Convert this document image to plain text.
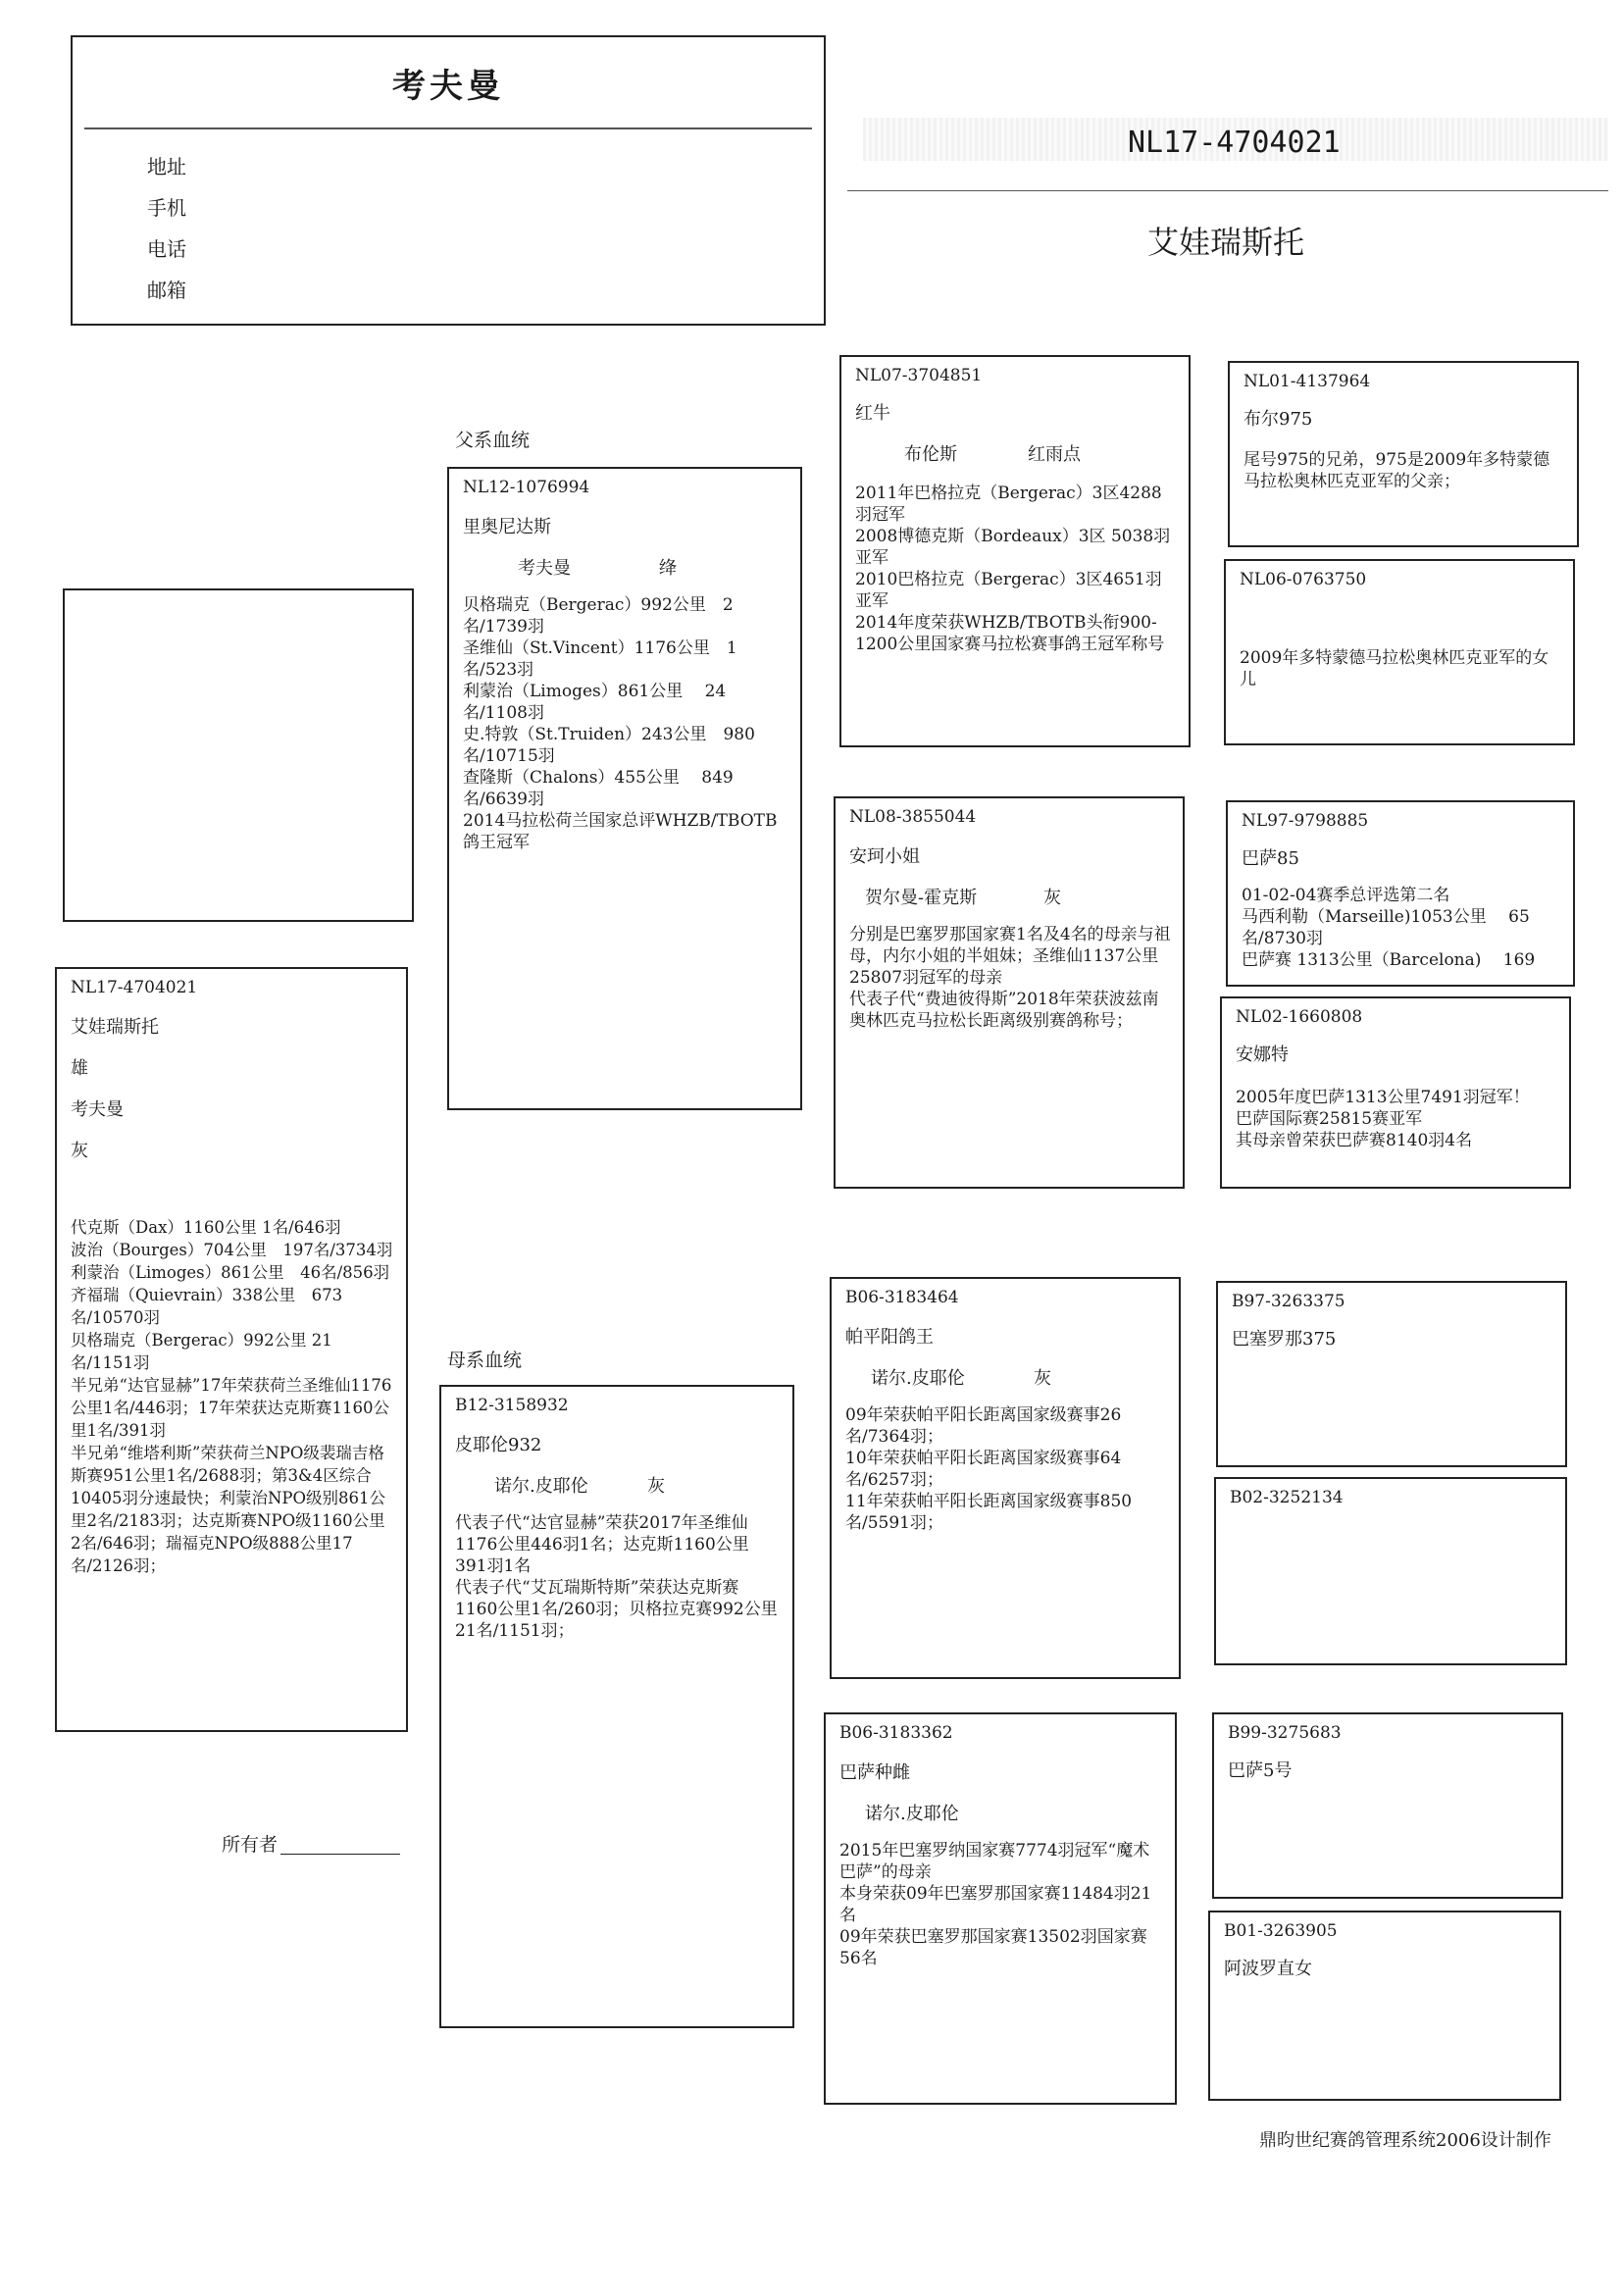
考夫曼
地址
手机
电话
邮箱
NL17-4704021
艾娃瑞斯托
父系血统
母系血统
NL17-4704021
艾娃瑞斯托
雄
考夫曼
灰
代克斯（Dax）1160公里 1名/646羽
波治（Bourges）704公里　197名/3734羽
利蒙治（Limoges）861公里　46名/856羽
齐福瑞（Quievrain）338公里　673名/10570羽
贝格瑞克（Bergerac）992公里 21名/1151羽
半兄弟“达官显赫”17年荣获荷兰圣维仙1176公里1名/446羽；17年荣获达克斯赛1160公里1名/391羽
半兄弟“维塔利斯”荣获荷兰NPO级裴瑞吉格斯赛951公里1名/2688羽；第3&4区综合10405羽分速最快；利蒙治NPO级别861公里2名/2183羽；达克斯赛NPO级1160公里2名/646羽；瑞福克NPO级888公里17名/2126羽；
NL12-1076994
里奥尼达斯
考夫曼	绛
贝格瑞克（Bergerac）992公里　2名/1739羽
圣维仙（St.Vincent）1176公里　1名/523羽
利蒙治（Limoges）861公里　 24名/1108羽
史.特敦（St.Truiden）243公里　980名/10715羽
查隆斯（Chalons）455公里　 849名/6639羽
2014马拉松荷兰国家总评WHZB/TBOTB鸽王冠军
B12-3158932
皮耶伦932
诺尔.皮耶伦	灰
代表子代“达官显赫”荣获2017年圣维仙1176公里446羽1名；达克斯1160公里391羽1名
代表子代“艾瓦瑞斯特斯”荣获达克斯赛1160公里1名/260羽；贝格拉克赛992公里21名/1151羽；
NL07-3704851
红牛
布伦斯	红雨点
2011年巴格拉克（Bergerac）3区4288羽冠军
2008博德克斯（Bordeaux）3区 5038羽 亚军
2010巴格拉克（Bergerac）3区4651羽亚军
2014年度荣获WHZB/TBOTB头衔900-1200公里国家赛马拉松赛事鸽王冠军称号
NL08-3855044
安珂小姐
贺尔曼-霍克斯	灰
分别是巴塞罗那国家赛1名及4名的母亲与祖母，内尔小姐的半姐妹；圣维仙1137公里25807羽冠军的母亲
代表子代“费迪彼得斯”2018年荣获波兹南奥林匹克马拉松长距离级别赛鸽称号；
B06-3183464
帕平阳鸽王
诺尔.皮耶伦	灰
09年荣获帕平阳长距离国家级赛事26名/7364羽；
10年荣获帕平阳长距离国家级赛事64名/6257羽；
11年荣获帕平阳长距离国家级赛事850名/5591羽；
B06-3183362
巴萨种雌
诺尔.皮耶伦
2015年巴塞罗纳国家赛7774羽冠军“魔术巴萨”的母亲
本身荣获09年巴塞罗那国家赛11484羽21名
09年荣获巴塞罗那国家赛13502羽国家赛56名
NL01-4137964
布尔975
尾号975的兄弟，975是2009年多特蒙德马拉松奥林匹克亚军的父亲；
NL06-0763750
2009年多特蒙德马拉松奥林匹克亚军的女儿
NL97-9798885
巴萨85
01-02-04赛季总评选第二名
马西利勒（Marseille)1053公里　 65名/8730羽
巴萨赛 1313公里（Barcelona)　 169
NL02-1660808
安娜特
2005年度巴萨1313公里7491羽冠军！
巴萨国际赛25815赛亚军
其母亲曾荣获巴萨赛8140羽4名
B97-3263375
巴塞罗那375
B02-3252134
B99-3275683
巴萨5号
B01-3263905
阿波罗直女
所有者
鼎昀世纪赛鸽管理系统2006设计制作
